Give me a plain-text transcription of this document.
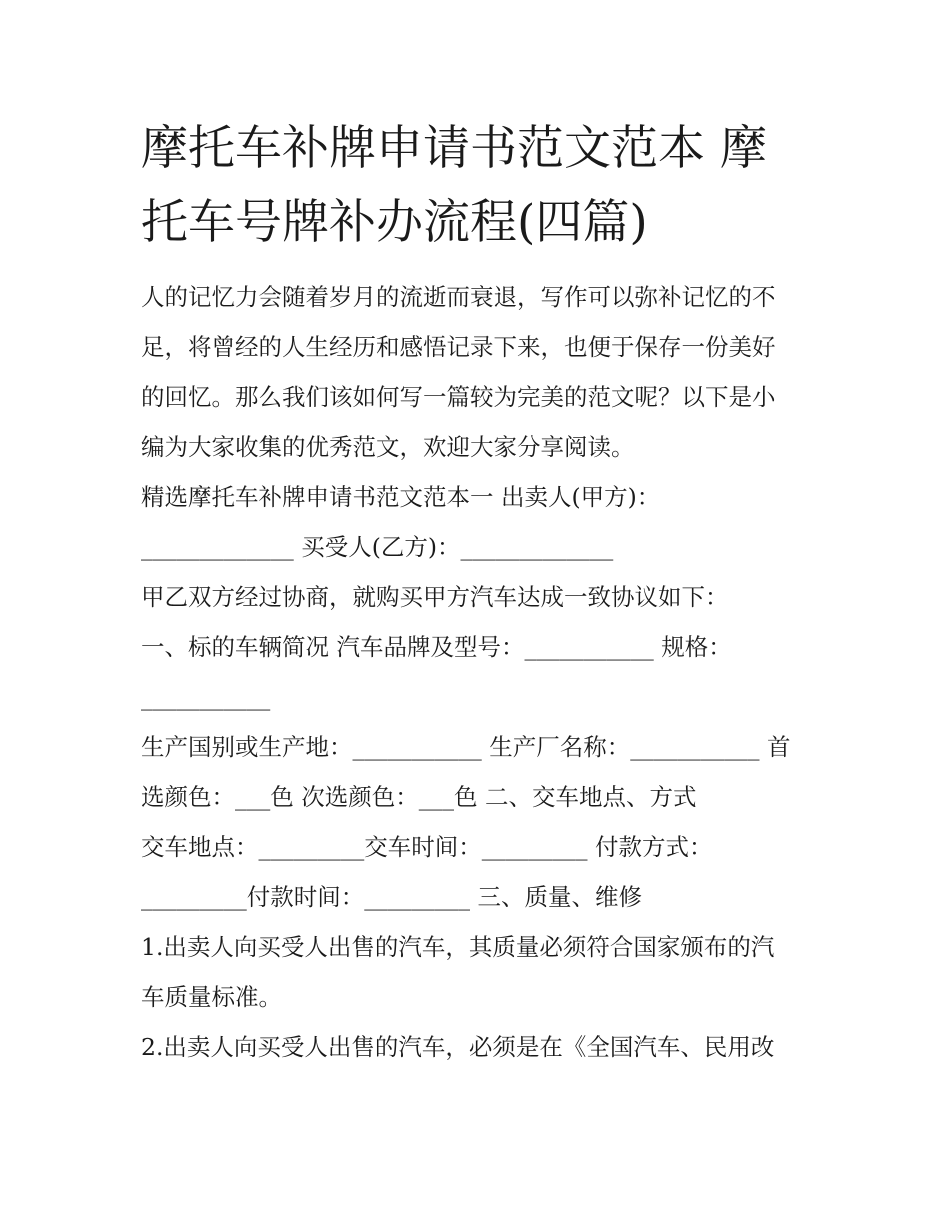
摩托车补牌申请书范文范本 摩
托车号牌补办流程(四篇)
人的记忆力会随着岁月的流逝而衰退，写作可以弥补记忆的不
足，将曾经的人生经历和感悟记录下来，也便于保存一份美好
的回忆。那么我们该如何写一篇较为完美的范文呢？以下是小
编为大家收集的优秀范文，欢迎大家分享阅读。
精选摩托车补牌申请书范文范本一 出卖人(甲方)：
_____________ 买受人(乙方)：_____________
甲乙双方经过协商，就购买甲方汽车达成一致协议如下：
一、标的车辆简况 汽车品牌及型号：___________ 规格：
___________
生产国别或生产地：___________ 生产厂名称：___________ 首
选颜色：___色 次选颜色：___色 二、交车地点、方式
交车地点：_________交车时间：_________ 付款方式：
_________付款时间：_________ 三、质量、维修
1.出卖人向买受人出售的汽车，其质量必须符合国家颁布的汽
车质量标准。
2.出卖人向买受人出售的汽车，必须是在《全国汽车、民用改
